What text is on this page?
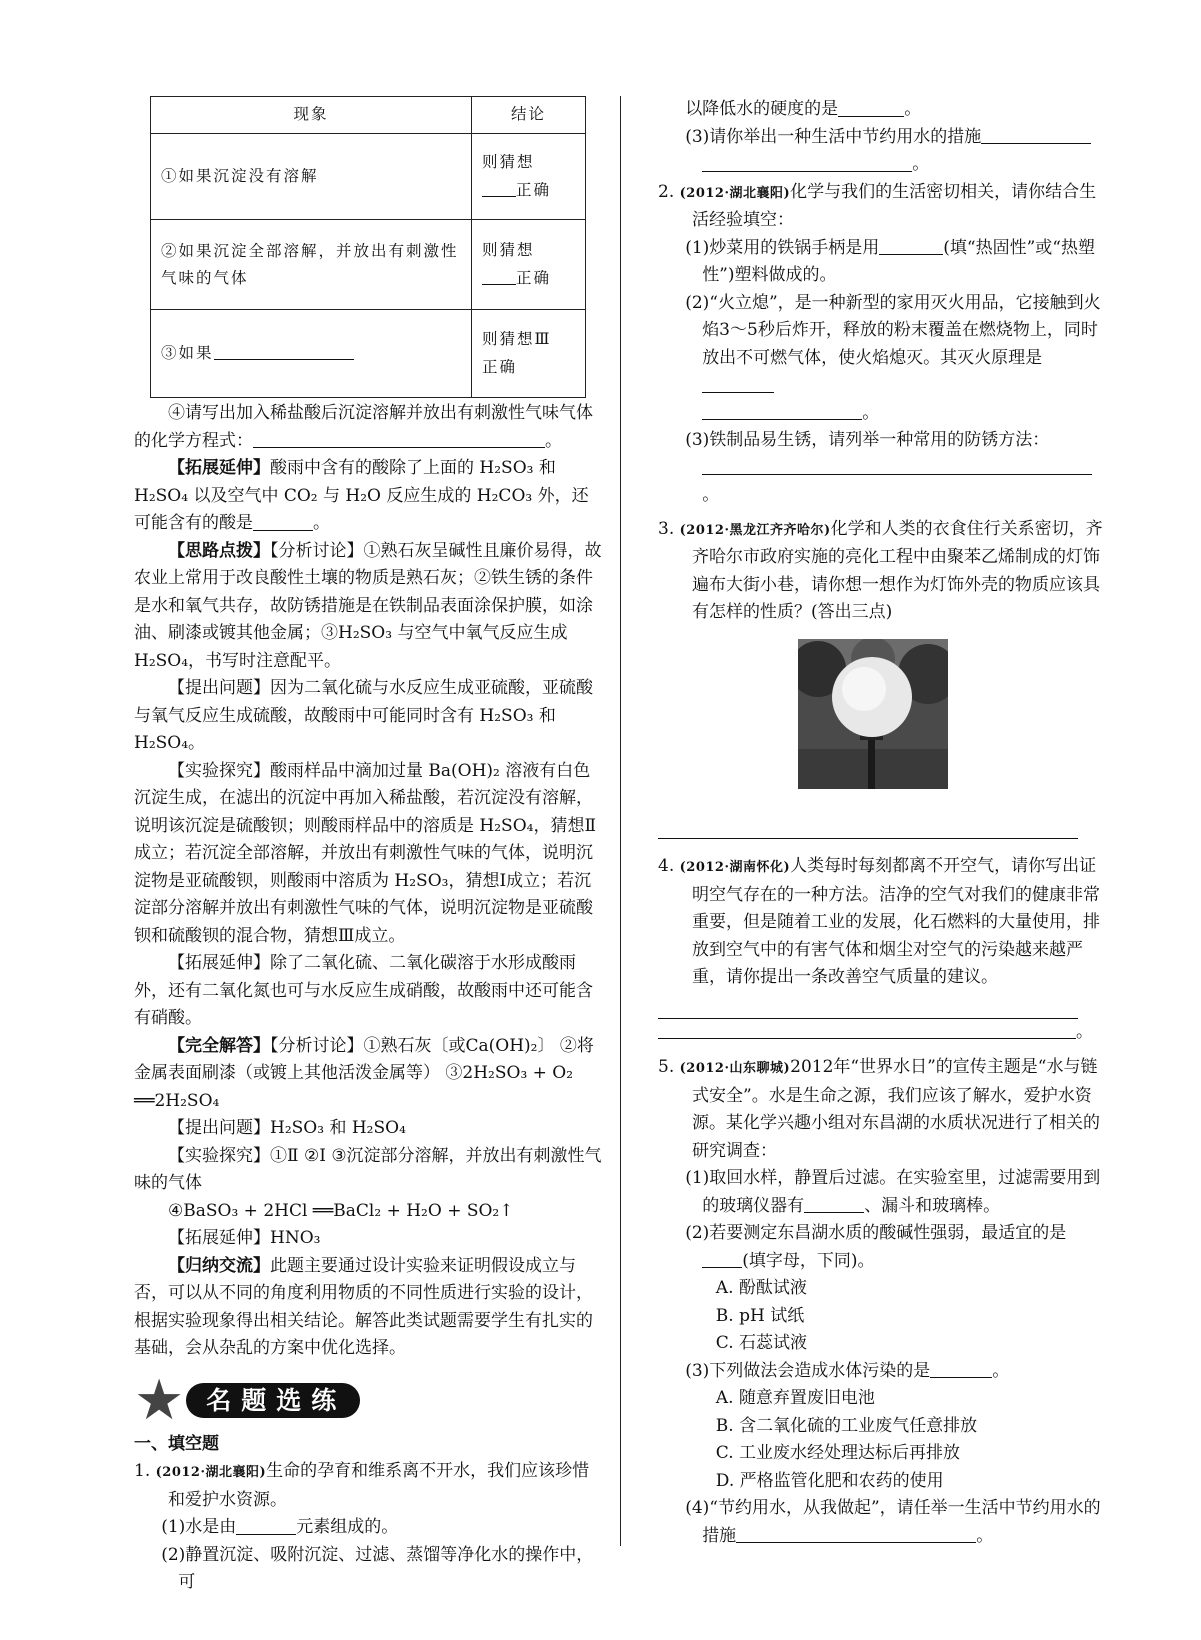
现象	结论
①如果沉淀没有溶解	则猜想
正确

②如果沉淀全部溶解，并放出有刺激性气味的气体	则猜想
正确

③如果	则猜想Ⅲ
正确

④请写出加入稀盐酸后沉淀溶解并放出有刺激性气味气体的化学方程式：	。

【拓展延伸】酸雨中含有的酸除了上面的 H₂SO₃ 和 H₂SO₄ 以及空气中 CO₂ 与 H₂O 反应生成的 H₂CO₃ 外，还可能含有的酸是	。

【思路点拨】【分析讨论】①熟石灰呈碱性且廉价易得，故农业上常用于改良酸性土壤的物质是熟石灰；②铁生锈的条件是水和氧气共存，故防锈措施是在铁制品表面涂保护膜，如涂油、刷漆或镀其他金属；③H₂SO₃ 与空气中氧气反应生成 H₂SO₄，书写时注意配平。

【提出问题】因为二氧化硫与水反应生成亚硫酸，亚硫酸与氧气反应生成硫酸，故酸雨中可能同时含有 H₂SO₃ 和 H₂SO₄。

【实验探究】酸雨样品中滴加过量 Ba(OH)₂ 溶液有白色沉淀生成，在滤出的沉淀中再加入稀盐酸，若沉淀没有溶解，说明该沉淀是硫酸钡；则酸雨样品中的溶质是 H₂SO₄，猜想Ⅱ成立；若沉淀全部溶解，并放出有刺激性气味的气体，说明沉淀物是亚硫酸钡，则酸雨中溶质为 H₂SO₃，猜想Ⅰ成立；若沉淀部分溶解并放出有刺激性气味的气体，说明沉淀物是亚硫酸钡和硫酸钡的混合物，猜想Ⅲ成立。

【拓展延伸】除了二氧化硫、二氧化碳溶于水形成酸雨外，还有二氧化氮也可与水反应生成硝酸，故酸雨中还可能含有硝酸。

【完全解答】【分析讨论】①熟石灰〔或Ca(OH)₂〕 ②将金属表面刷漆（或镀上其他活泼金属等） ③2H₂SO₃ + O₂ ══2H₂SO₄

【提出问题】H₂SO₃ 和 H₂SO₄

【实验探究】①Ⅱ ②Ⅰ ③沉淀部分溶解，并放出有刺激性气味的气体

④BaSO₃ + 2HCl ══BaCl₂ + H₂O + SO₂↑

【拓展延伸】HNO₃

【归纳交流】此题主要通过设计实验来证明假设成立与否，可以从不同的角度利用物质的不同性质进行实验的设计，根据实验现象得出相关结论。解答此类试题需要学生有扎实的基础，会从杂乱的方案中优化选择。

★ 名题选练

一、填空题

1. (2012·湖北襄阳)生命的孕育和维系离不开水，我们应该珍惜和爱护水资源。

(1)水是由	元素组成的。

(2)静置沉淀、吸附沉淀、过滤、蒸馏等净化水的操作中，可

以降低水的硬度的是	。

(3)请你举出一种生活中节约用水的措施
。

2. (2012·湖北襄阳)化学与我们的生活密切相关，请你结合生活经验填空：

(1)炒菜用的铁锅手柄是用	(填“热固性”或“热塑性”)塑料做成的。

(2)“火立熄”，是一种新型的家用灭火用品，它接触到火焰3～5秒后炸开，释放的粉末覆盖在燃烧物上，同时放出不可燃气体，使火焰熄灭。其灭火原理是
。

(3)铁制品易生锈，请列举一种常用的防锈方法：
。

3. (2012·黑龙江齐齐哈尔)化学和人类的衣食住行关系密切，齐齐哈尔市政府实施的亮化工程中由聚苯乙烯制成的灯饰遍布大街小巷，请你想一想作为灯饰外壳的物质应该具有怎样的性质？(答出三点)

4. (2012·湖南怀化)人类每时每刻都离不开空气，请你写出证明空气存在的一种方法。洁净的空气对我们的健康非常重要，但是随着工业的发展，化石燃料的大量使用，排放到空气中的有害气体和烟尘对空气的污染越来越严重，请你提出一条改善空气质量的建议。

。

5. (2012·山东聊城)2012年“世界水日”的宣传主题是“水与链式安全”。水是生命之源，我们应该了解水，爱护水资源。某化学兴趣小组对东昌湖的水质状况进行了相关的研究调查：

(1)取回水样，静置后过滤。在实验室里，过滤需要用到的玻璃仪器有	、漏斗和玻璃棒。

(2)若要测定东昌湖水质的酸碱性强弱，最适宜的是(填字母，下同)。

A. 酚酞试液

B. pH 试纸

C. 石蕊试液

(3)下列做法会造成水体污染的是	。

A. 随意弃置废旧电池

B. 含二氧化硫的工业废气任意排放

C. 工业废水经处理达标后再排放

D. 严格监管化肥和农药的使用

(4)“节约用水，从我做起”，请任举一生活中节约用水的措施	。
